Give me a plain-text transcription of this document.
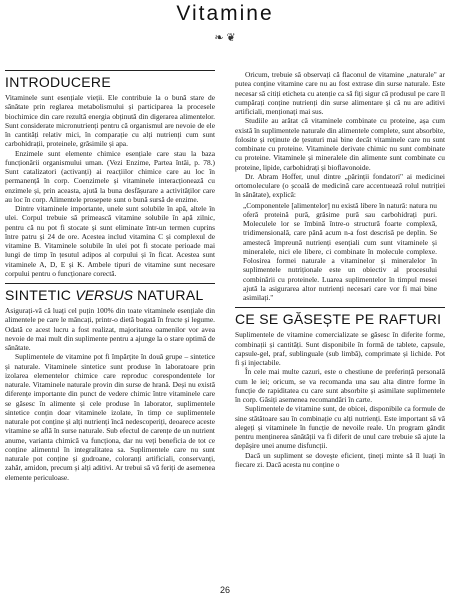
Vitamine
❧ ❦
INTRODUCERE

Vitaminele sunt esențiale vieții. Ele contribuie la o bună stare de sănătate prin reglarea metabolismului și participarea la procesele biochimice din care rezultă energia obținută din digerarea alimentelor. Sunt considerate micronutrienți pentru că organismul are nevoie de ele în cantități relativ mici, în comparație cu alți nutrienți cum sunt carbohidrații, proteinele, grăsimile și apa.

Enzimele sunt elemente chimice esențiale care stau la baza funcționării organismului uman. (Vezi Enzime, Partea întâi, p. 78.) Sunt catalizatori (activanți) ai reacțiilor chimice care au loc în permanență în corp. Coenzimele și vitaminele interacționează cu enzimele și, prin aceasta, ajută la buna desfășurare a activităților care au loc în corp. Alimentele prosepete sunt o bună sursă de enzime.

Dintre vitaminele importante, unele sunt solubile în apă, altele în ulei. Corpul trebuie să primească vitamine solubile în apă zilnic, pentru că nu pot fi stocate și sunt eliminate într-un termen cuprins între patru și 24 de ore. Acestea includ vitamina C și complexul de vitamine B. Vitaminele solubile în ulei pot fi stocate perioade mai lungi de timp în țesutul adipos al corpului și în ficat. Acestea sunt vitaminele A, D, E și K. Ambele tipuri de vitamine sunt necesare corpului pentru o funcționare corectă.

SINTETIC VERSUS NATURAL

Asigurați-vă că luați cel puțin 100% din toate vitaminele esențiale din alimentele pe care le mâncați, printr-o dietă bogată în fructe și legume. Odată ce acest lucru a fost realizat, majoritatea oamenilor vor avea nevoie de mai mult din suplimente pentru a ajunge la o stare optimă de sănătate.

Suplimentele de vitamine pot fi împărțite în două grupe – sintetice și naturale. Vitaminele sintetice sunt produse în laboratoare prin izolarea elementelor chimice care reproduc corespondentele lor naturale. Vitaminele naturale provin din surse de hrană. Deși nu există diferențe importante din punct de vedere chimic între vitaminele care se găsesc în alimente și cele produse în laborator, suplimentele sintetice conțin doar vitaminele izolate, în timp ce suplimentele naturale pot conține și alți nutrienți încă nedescoperiți, deoarece aceste vitamine se află în surse naturale. Sub efectul de carențe de un nutrient anume, varianta chimică va funcționa, dar nu veți beneficia de tot ce conține alimentul în integralitatea sa. Suplimentele care nu sunt naturale pot conține și gudroane, coloranți artificiali, conservanți, zahăr, amidon, precum și alți aditivi. Ar trebui să vă feriți de asemenea elemente periculoase.

Oricum, trebuie să observați că flaconul de vitamine „naturale" ar putea conține vitamine care nu au fost extrase din surse naturale. Este necesar să citiți eticheta cu atenție ca să fiți sigur că produsul pe care îl cumpărați conține nutrienți din surse alimentare și că nu are aditivi artificiali, menționați mai sus.

Studiile au arătat că vitaminele combinate cu proteine, așa cum există în suplimentele naturale din alimentele complete, sunt absorbite, folosite și reținute de țesuturi mai bine decât vitaminele care nu sunt combinate cu proteine. Vitaminele derivate chimic nu sunt combinate cu proteine. Vitaminele și mineralele din alimente sunt combinate cu proteine, lipide, carbohidrați și bioflavonoide.

Dr. Abram Hoffer, unul dintre „părinții fondatori" ai medicinei ortomoleculare (o școală de medicină care accentuează rolul nutriției în sănătate), explică:

„Componentele [alimentelor] nu există libere în natură: natura nu oferă proteină pură, grăsime pură sau carbohidrați puri. Moleculele lor se îmbină între-o structură foarte complexă, tridimensională, care până acum n-a fost descrisă pe deplin. Se amestecă împreună nutrienți esențiali cum sunt vitaminele și mineralele, nici ele libere, ci combinate în molecule complexe. Folosirea formei naturale a vitaminelor și mineralelor în suplimentele nutriționale este un obiectiv al procesului combinării cu proteinele. Luarea suplimentelor în timpul mesei ajută la asigurarea altor nutrienți necesari care vor fi mai bine asimilați."
CE SE GĂSEȘTE PE RAFTURI

Suplimentele de vitamine comercializate se găsesc în diferite forme, combinații și cantități. Sunt disponibile în formă de tablete, capsule, capsule-gel, praf, sublinguale (sub limbă), comprimate și lichide. Pot fi și injectabile.

În cele mai multe cazuri, este o chestiune de preferință personală cum le iei; oricum, se va recomanda una sau alta dintre forme în funcție de rapiditatea cu care sunt absorbite și asimilate suplimentele în corp. Găsiți asemenea recomandări în carte.

Suplimentele de vitamine sunt, de obicei, disponibile ca formule de sine stătătoare sau în combinație cu alți nutrienți. Este important să vă alegeți și vitaminele în funcție de nevoile reale. Un program gândit pentru menținerea sănătății va fi diferit de unul care trebuie să ajute la depășire unei anume disfuncții.

Dacă un supliment se dovește eficient, țineți minte să îl luați în fiecare zi. Dacă acesta nu conține o

26
